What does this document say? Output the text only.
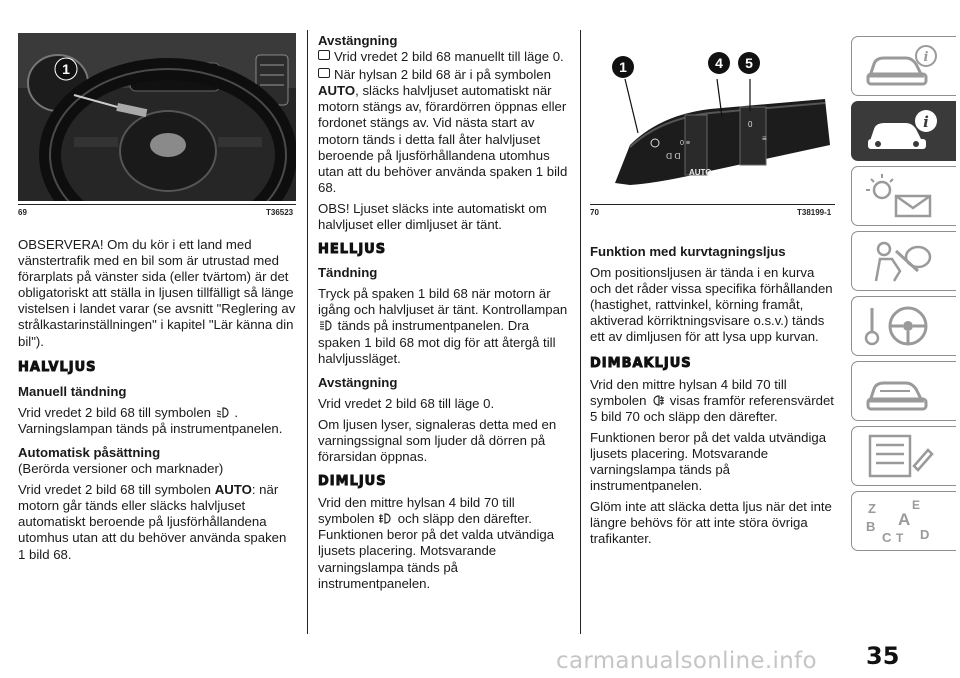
1
69	T36523

OBSERVERA! Om du kör i ett land med vänstertrafik med en bil som är utrustad med förarplats på vänster sida (eller tvärtom) är det obligatoriskt att ställa in ljusen tillfälligt så länge vistelsen i landet varar (se avsnitt "Reglering av strålkastarinställningen" i kapitel "Lär känna din bil").

HALVLJUS
Manuell tändning

Vrid vredet 2 bild 68 till symbolen . Varningslampan tänds på instrumentpanelen.

Automatisk påsättning

(Berörda versioner och marknader)

Vrid vredet 2 bild 68 till symbolen AUTO: när motorn går tänds eller släcks halvljuset automatiskt beroende på ljusförhållandena utomhus utan att du behöver använda spaken 1 bild 68.

Avstängning

Vrid vredet 2 bild 68 manuellt till läge 0.

När hylsan 2 bild 68 är i på symbolen AUTO, släcks halvljuset automatiskt när motorn stängs av, förardörren öppnas eller fordonet stängs av. Vid nästa start av motorn tänds i detta fall åter halvljuset beroende på ljusförhållandena utomhus utan att du behöver använda spaken 1 bild 68.

OBS! Ljuset släcks inte automatiskt om halvljuset eller dimljuset är tänt.

HELLJUS
Tändning

Tryck på spaken 1 bild 68 när motorn är igång och halvljuset är tänt. Kontrollampan  tänds på instrumentpanelen. Dra spaken 1 bild 68 mot dig för att återgå till halvljussläget.

Avstängning

Vrid vredet 2 bild 68 till läge 0.

Om ljusen lyser, signaleras detta med en varningssignal som ljuder då dörren på förarsidan öppnas.

DIMLJUS

Vrid den mittre hylsan 4 bild 70 till symbolen och släpp den därefter. Funktionen beror på det valda utvändiga ljusets placering. Motsvarande varningslampa tänds på instrumentpanelen.

0 ≡
ᗡ ᗡ
AUTO
0
≡
1	4 5
70	T38199-1
Funktion med kurvtagningsljus

Om positionsljusen är tända i en kurva och det råder vissa specifika förhållanden (hastighet, rattvinkel, körning framåt, aktiverad körriktningsvisare o.s.v.) tänds ett av dimljusen för att lysa upp kurvan.

DIMBAKLJUS

Vrid den mittre hylsan 4 bild 70 till symbolen visas framför referensvärdet 5 bild 70 och släpp den därefter.

Funktionen beror på det valda utvändiga ljusets placering. Motsvarande varningslampa tänds på instrumentpanelen.

Glöm inte att släcka detta ljus när det inte längre behövs för att inte störa övriga trafikanter.

i
i
Z	E
A
B
C T D
35
carmanualsonline.info
